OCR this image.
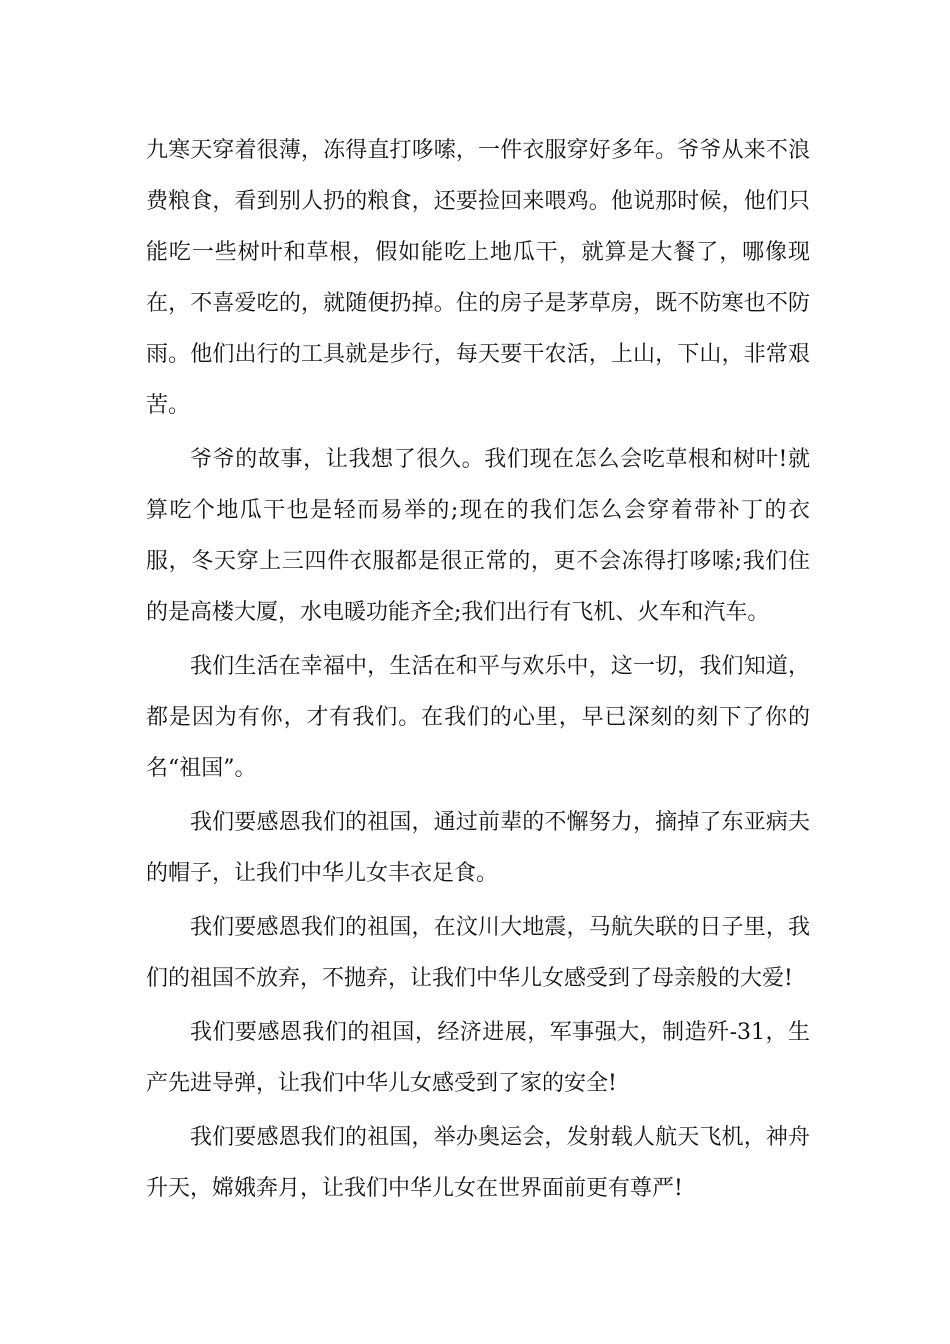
九寒天穿着很薄，冻得直打哆嗦，一件衣服穿好多年。爷爷从来不浪费粮食，看到别人扔的粮食，还要捡回来喂鸡。他说那时候，他们只能吃一些树叶和草根，假如能吃上地瓜干，就算是大餐了，哪像现在，不喜爱吃的，就随便扔掉。住的房子是茅草房，既不防寒也不防雨。他们出行的工具就是步行，每天要干农活，上山，下山，非常艰苦。

爷爷的故事，让我想了很久。我们现在怎么会吃草根和树叶!就算吃个地瓜干也是轻而易举的;现在的我们怎么会穿着带补丁的衣服，冬天穿上三四件衣服都是很正常的，更不会冻得打哆嗦;我们住的是高楼大厦，水电暖功能齐全;我们出行有飞机、火车和汽车。

我们生活在幸福中，生活在和平与欢乐中，这一切，我们知道，都是因为有你，才有我们。在我们的心里，早已深刻的刻下了你的名“祖国”。

我们要感恩我们的祖国，通过前辈的不懈努力，摘掉了东亚病夫的帽子，让我们中华儿女丰衣足食。

我们要感恩我们的祖国，在汶川大地震，马航失联的日子里，我们的祖国不放弃，不抛弃，让我们中华儿女感受到了母亲般的大爱!

我们要感恩我们的祖国，经济进展，军事强大，制造歼-31，生产先进导弹，让我们中华儿女感受到了家的安全!

我们要感恩我们的祖国，举办奥运会，发射载人航天飞机，神舟升天，嫦娥奔月，让我们中华儿女在世界面前更有尊严!
